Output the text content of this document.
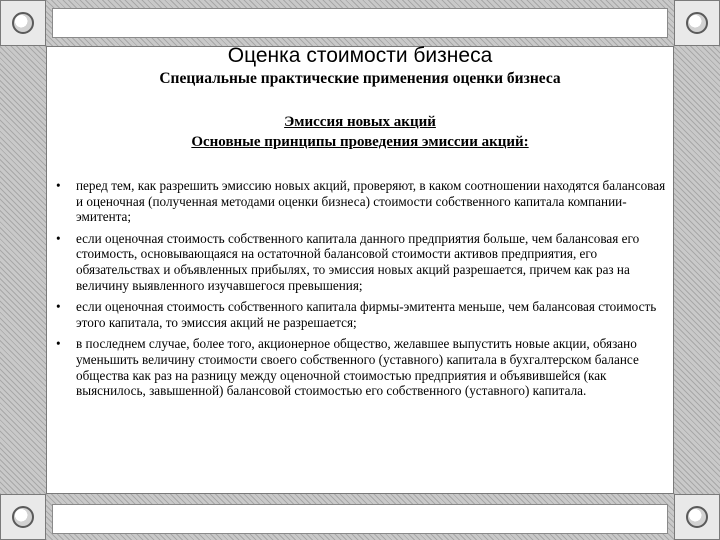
Оценка стоимости бизнеса
Специальные практические применения оценки бизнеса
Эмиссия новых акций
Основные принципы проведения эмиссии акций:
• перед тем, как разрешить эмиссию новых акций, проверяют, в каком соотношении находятся балансовая и оценочная (полученная методами оценки бизнеса) стоимости собственного капитала компании-эмитента;
• если оценочная стоимость собственного капитала данного предприятия больше, чем балансовая его стоимость, основывающаяся на остаточной балансовой стоимости активов предприятия, его обязательствах и объявленных прибылях, то эмиссия новых акций разрешается, причем как раз на величину выявленного изучавшегося превышения;
• если оценочная стоимость собственного капитала фирмы-эмитента меньше, чем балансовая стоимость этого капитала, то эмиссия акций не разрешается;
• в последнем случае, более того, акционерное общество, желавшее выпустить новые акции, обязано уменьшить величину стоимости своего собственного (уставного) капитала в бухгалтерском балансе общества как раз на разницу между оценочной стоимостью предприятия и объявившейся (как выяснилось, завышенной) балансовой стоимостью его собственного (уставного) капитала.
